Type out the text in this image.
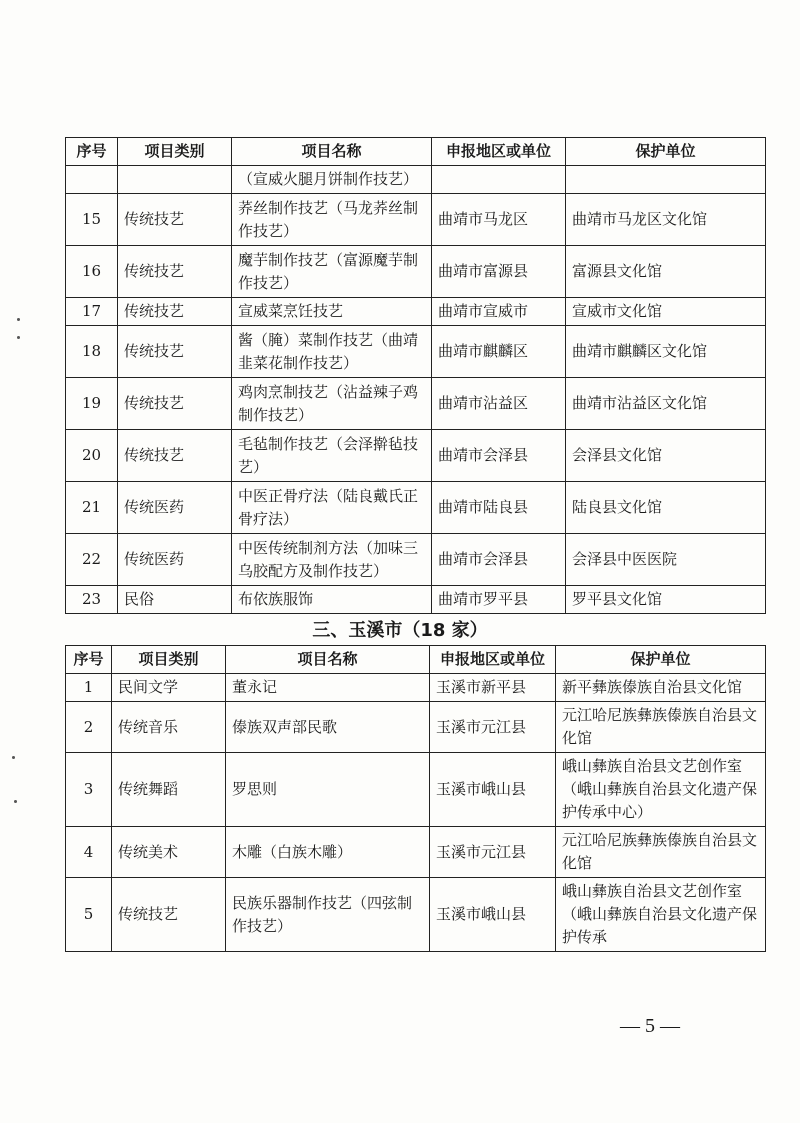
序号	项目类别	项目名称	申报地区或单位	保护单位
		（宣威火腿月饼制作技艺）		
15	传统技艺	荞丝制作技艺（马龙荞丝制作技艺）	曲靖市马龙区	曲靖市马龙区文化馆
16	传统技艺	魔芋制作技艺（富源魔芋制作技艺）	曲靖市富源县	富源县文化馆
17	传统技艺	宣威菜烹饪技艺	曲靖市宣威市	宣威市文化馆
18	传统技艺	酱（腌）菜制作技艺（曲靖韭菜花制作技艺）	曲靖市麒麟区	曲靖市麒麟区文化馆
19	传统技艺	鸡肉烹制技艺（沾益辣子鸡制作技艺）	曲靖市沾益区	曲靖市沾益区文化馆
20	传统技艺	毛毡制作技艺（会泽擀毡技艺）	曲靖市会泽县	会泽县文化馆
21	传统医药	中医正骨疗法（陆良戴氏正骨疗法）	曲靖市陆良县	陆良县文化馆
22	传统医药	中医传统制剂方法（加味三乌胶配方及制作技艺）	曲靖市会泽县	会泽县中医医院
23	民俗	布依族服饰	曲靖市罗平县	罗平县文化馆
三、玉溪市（18 家）
序号	项目类别	项目名称	申报地区或单位	保护单位
1	民间文学	董永记	玉溪市新平县	新平彝族傣族自治县文化馆
2	传统音乐	傣族双声部民歌	玉溪市元江县	元江哈尼族彝族傣族自治县文化馆
3	传统舞蹈	罗思则	玉溪市峨山县	峨山彝族自治县文艺创作室（峨山彝族自治县文化遗产保护传承中心）
4	传统美术	木雕（白族木雕）	玉溪市元江县	元江哈尼族彝族傣族自治县文化馆
5	传统技艺	民族乐器制作技艺（四弦制作技艺）	玉溪市峨山县	峨山彝族自治县文艺创作室（峨山彝族自治县文化遗产保护传承
— 5 —
